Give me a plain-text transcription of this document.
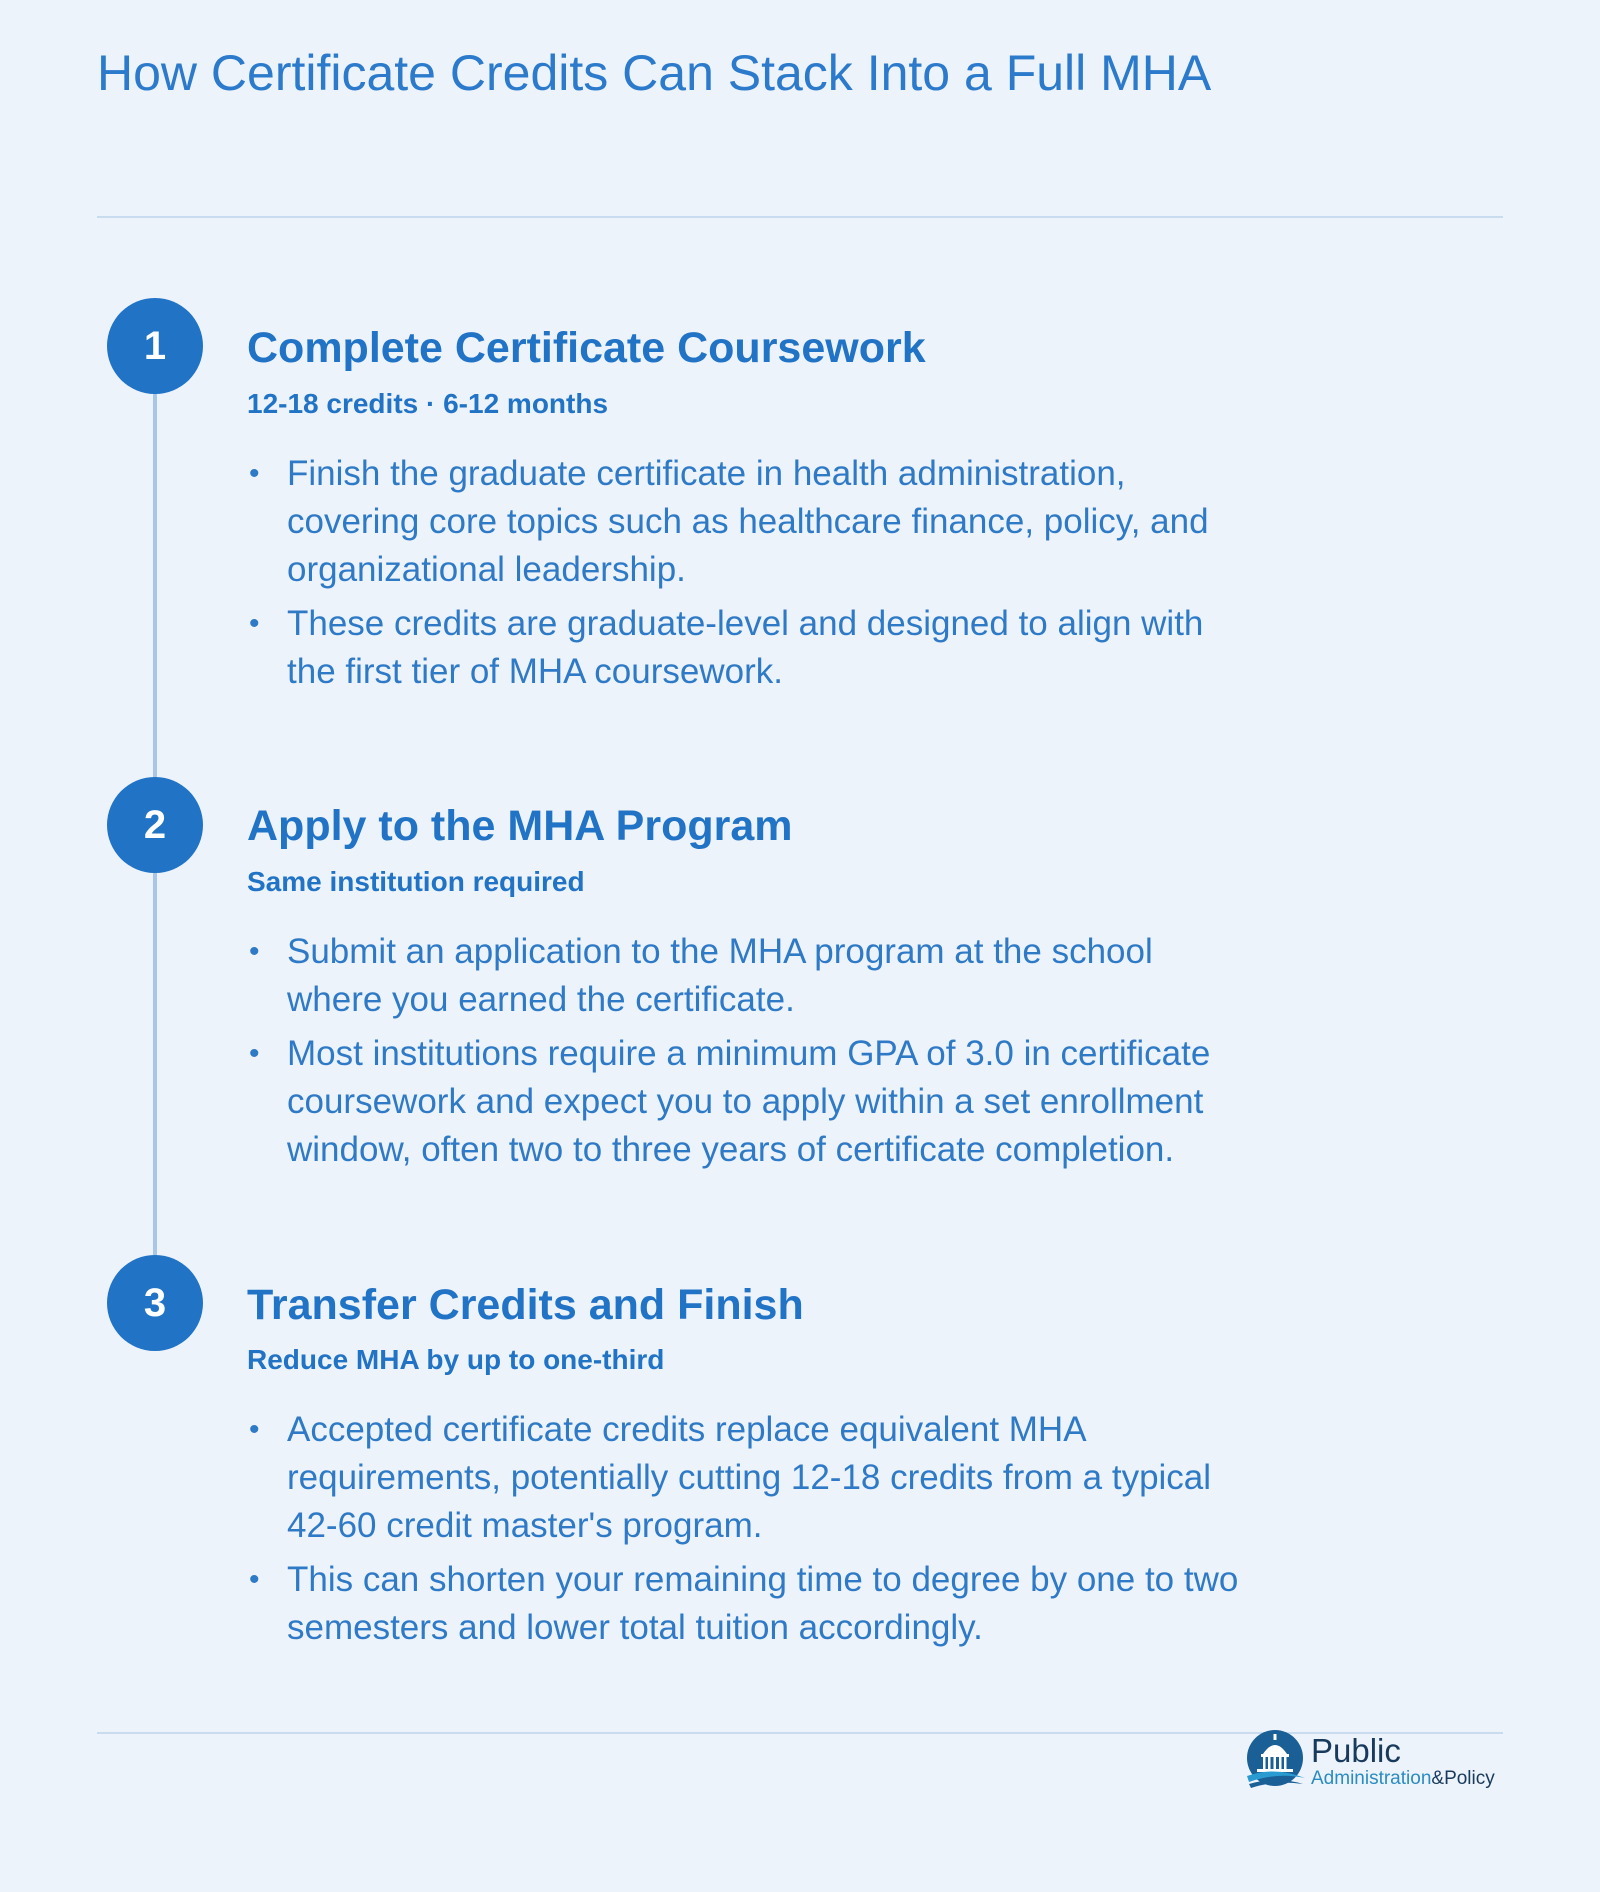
How Certificate Credits Can Stack Into a Full MHA
1	Complete Certificate Coursework
12-18 credits · 6-12 months
• Finish the graduate certificate in health administration, covering core topics such as healthcare finance, policy, and organizational leadership.
• These credits are graduate-level and designed to align with the first tier of MHA coursework.
2	Apply to the MHA Program
Same institution required
• Submit an application to the MHA program at the school where you earned the certificate.
• Most institutions require a minimum GPA of 3.0 in certificate coursework and expect you to apply within a set enrollment window, often two to three years of certificate completion.
3	Transfer Credits and Finish
Reduce MHA by up to one-third
• Accepted certificate credits replace equivalent MHA requirements, potentially cutting 12-18 credits from a typical 42-60 credit master's program.
• This can shorten your remaining time to degree by one to two semesters and lower total tuition accordingly.
Public
Administration&Policy
